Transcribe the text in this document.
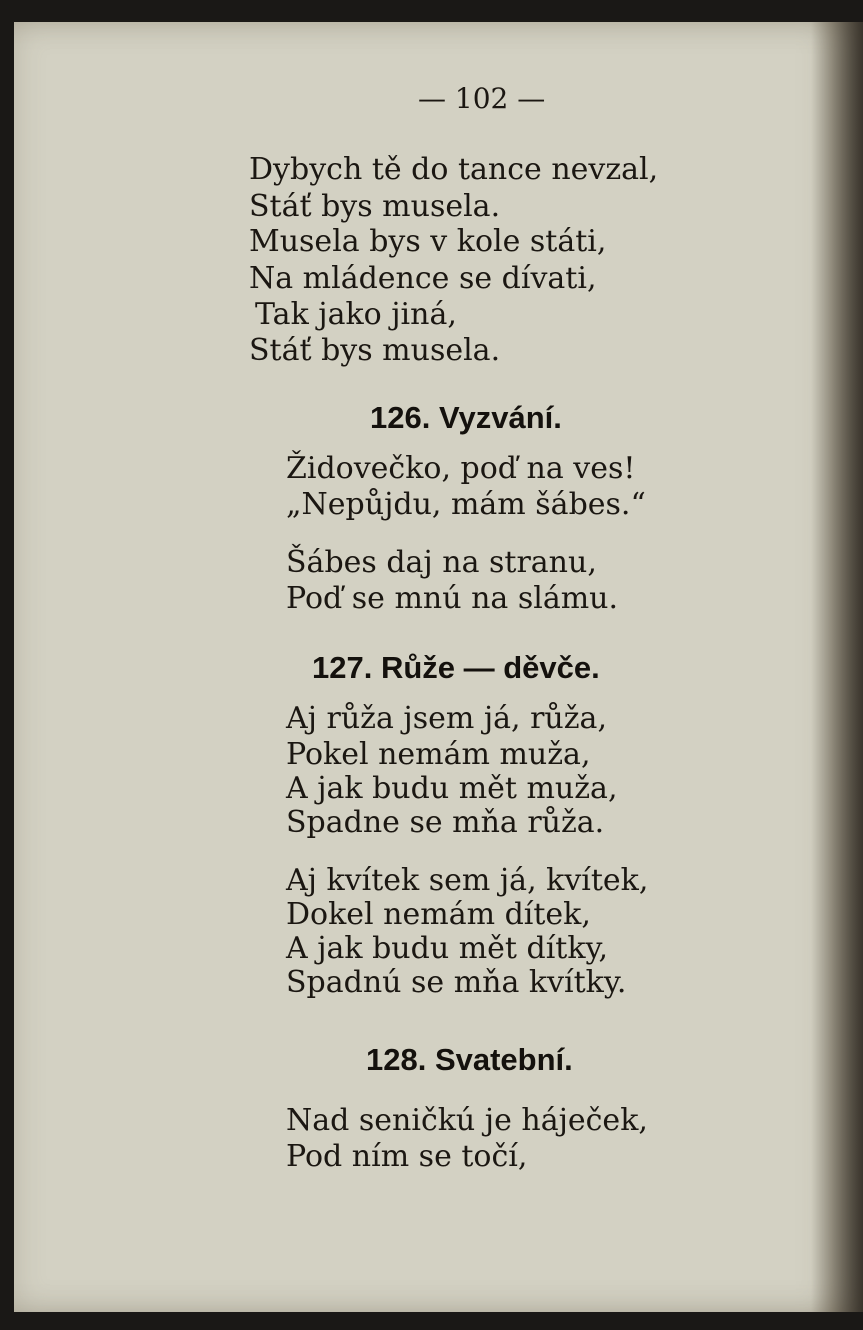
— 102 —

Dybych tě do tance nevzal,

Stáť bys musela.

Musela bys v kole státi,

Na mládence se dívati,

Tak jako jiná,

Stáť bys musela.

126. Vyzvání.

Židovečko, poď na ves!

„Nepůjdu, mám šábes.“

Šábes daj na stranu,

Poď se mnú na slámu.

127. Růže — děvče.

Aj růža jsem já, růža,

Pokel nemám muža,

A jak budu mět muža,

Spadne se mňa růža.

Aj kvítek sem já, kvítek,

Dokel nemám dítek,

A jak budu mět dítky,

Spadnú se mňa kvítky.

128. Svatební.

Nad seničkú je háječek,

Pod ním se točí,
